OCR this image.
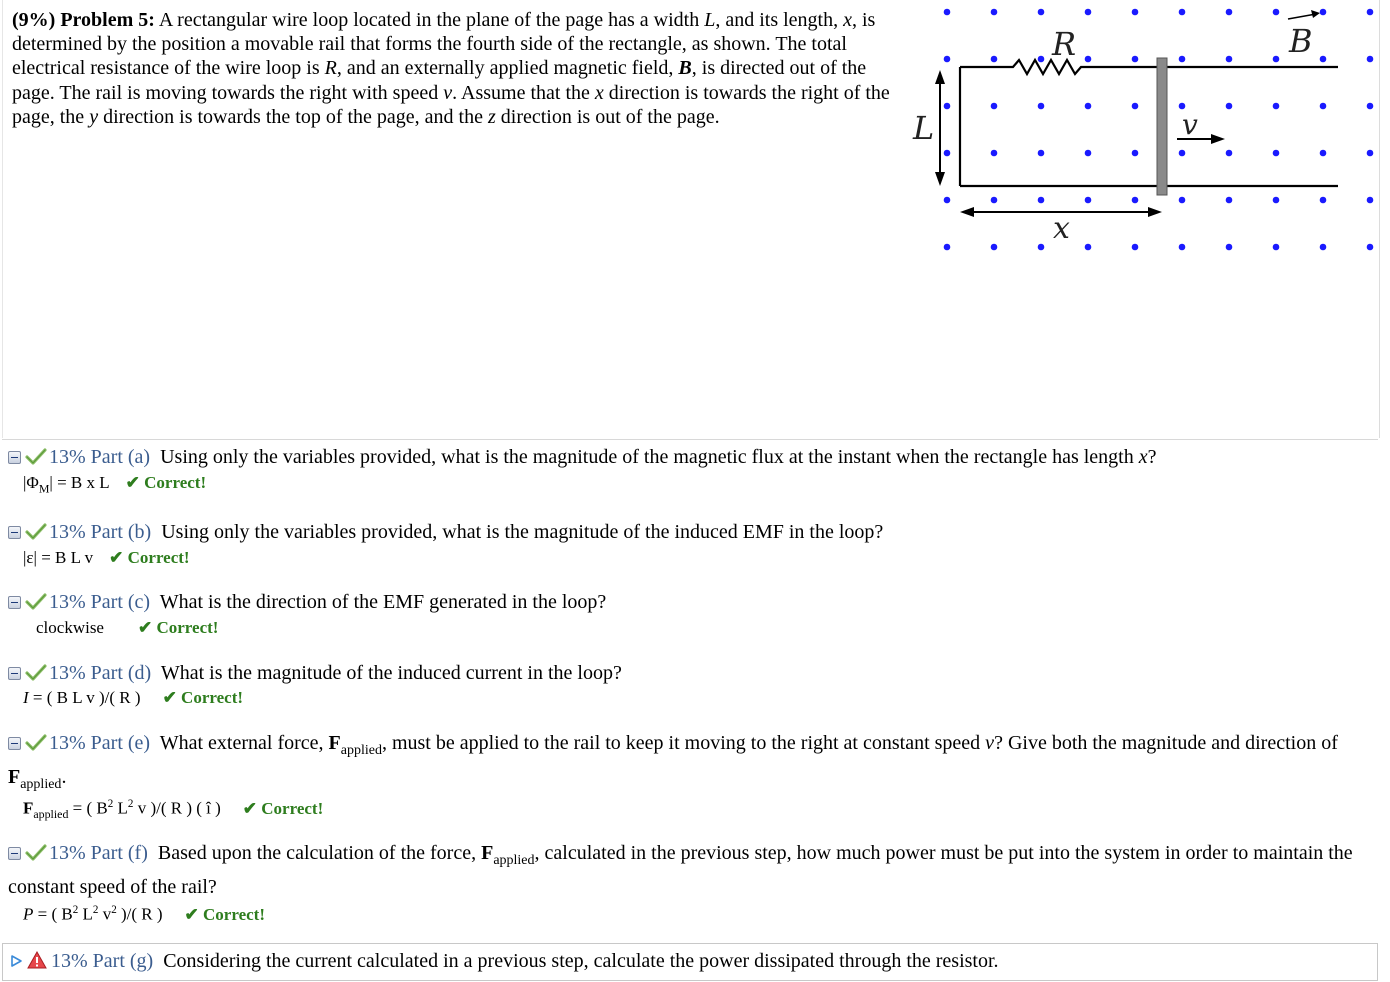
(9%) Problem 5: A rectangular wire loop located in the plane of the page has a width L, and its length, x, is determined by the position a movable rail that forms the fourth side of the rectangle, as shown. The total electrical resistance of the wire loop is R, and an externally applied magnetic field, B, is directed out of the page. The rail is moving towards the right with speed v. Assume that the x direction is towards the right of the page, the y direction is towards the top of the page, and the z direction is out of the page.
R	B
L	v
x
13% Part (a) Using only the variables provided, what is the magnitude of the magnetic flux at the instant when the rectangle has length x?
$|\Phi_M| = B$ x L ✔ Correct!
13% Part (b) Using only the variables provided, what is the magnitude of the induced EMF in the loop?
|ε| = B L v ✔ Correct!
13% Part (c) What is the direction of the EMF generated in the loop?
clockwise ✔ Correct!
13% Part (d) What is the magnitude of the induced current in the loop?
I = ( B L v )/( R ) ✔ Correct!
13% Part (e) What external force, $F_{applied}$, must be applied to the rail to keep it moving to the right at constant speed v? Give both the magnitude and direction of $F_{applied}$.
$F_{applied}$ = ( $B^2$ $L^2$ v )/( R ) ( î ) ✔ Correct!
13% Part (f) Based upon the calculation of the force, $F_{applied}$, calculated in the previous step, how much power must be put into the system in order to maintain the constant speed of the rail?
P = ( $B^2$ $L^2$ $v^2$ )/( R ) ✔ Correct!
13% Part (g) Considering the current calculated in a previous step, calculate the power dissipated through the resistor.
